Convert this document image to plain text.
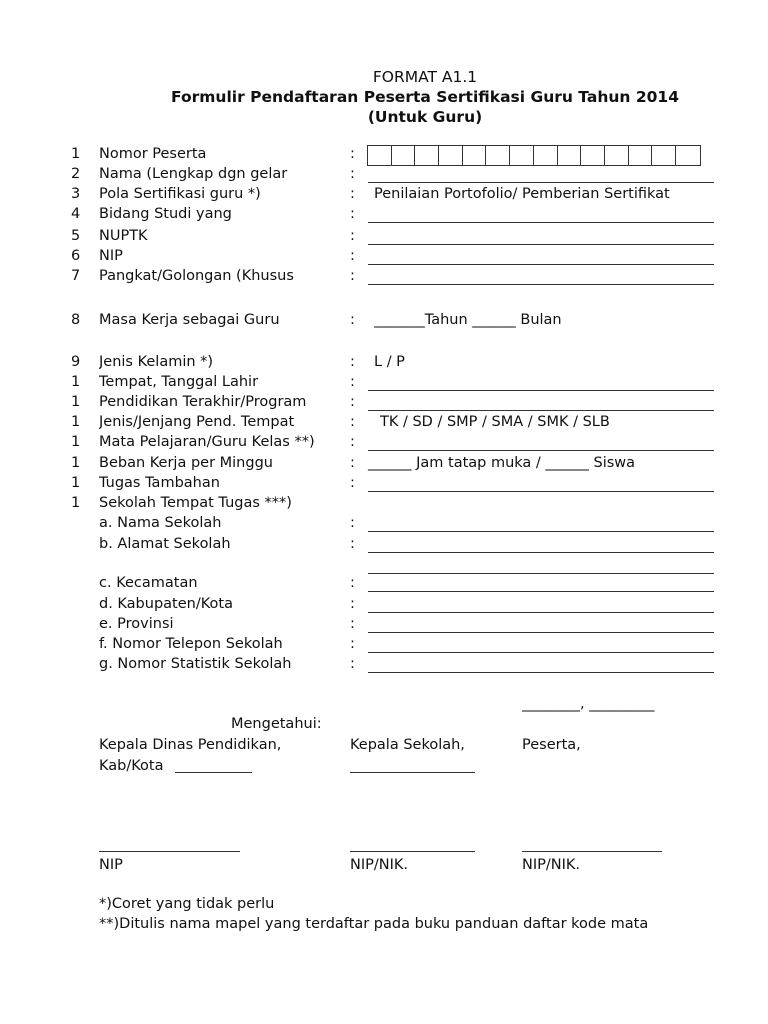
FORMAT A1.1
Formulir Pendaftaran Peserta Sertifikasi Guru Tahun 2014
(Untuk Guru)
1	Nomor Peserta	:
2	Nama (Lengkap dgn gelar	:
3	Pola Sertifikasi guru *)	: Penilaian Portofolio/ Pemberian Sertifikat
4	Bidang Studi yang	:
5	NUPTK	:
6	NIP	:
7	Pangkat/Golongan (Khusus	:
8	Masa Kerja sebagai Guru	: _______Tahun ______ Bulan
9	Jenis Kelamin *)	: L / P
1	Tempat, Tanggal Lahir	:
1	Pendidikan Terakhir/Program	:
1	Jenis/Jenjang Pend. Tempat	: TK / SD / SMP / SMA / SMK / SLB
1	Mata Pelajaran/Guru Kelas **)	:
1	Beban Kerja per Minggu	: ______ Jam tatap muka / ______ Siswa
1	Tugas Tambahan	:
1	Sekolah Tempat Tugas ***)
a. Nama Sekolah	:
b. Alamat Sekolah	:
c. Kecamatan	:
d. Kabupaten/Kota	:
e. Provinsi	:
f. Nomor Telepon Sekolah	:
g. Nomor Statistik Sekolah	:
________, _________
Mengetahui:
Kepala Dinas Pendidikan,	Kepala Sekolah,	Peserta,
Kab/Kota
NIP	NIP/NIK.	NIP/NIK.
*)Coret yang tidak perlu
**)Ditulis nama mapel yang terdaftar pada buku panduan daftar kode mata
